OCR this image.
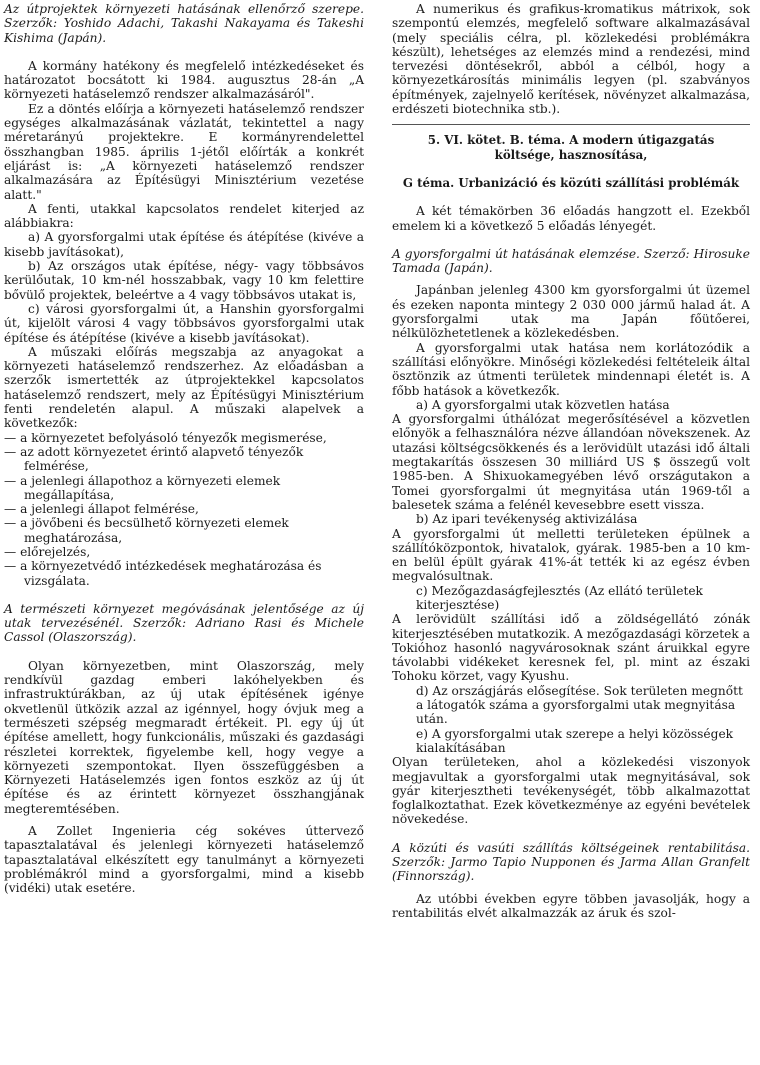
Az útprojektek környezeti hatásának ellenőrző szerepe. Szerzők: Yoshido Adachi, Takashi Nakayama és Takeshi Kishima (Japán).

A kormány hatékony és megfelelő intézkedéseket és határozatot bocsátott ki 1984. augusztus 28-án „A környezeti hatáselemző rendszer alkalmazásáról".

Ez a döntés előírja a környezeti hatáselemző rendszer egységes alkalmazásának vázlatát, tekintettel a nagy méretarányú projektekre. E kormányrendelettel összhangban 1985. április 1-jétől előírták a konkrét eljárást is: „A környezeti hatáselemző rendszer alkalmazására az Építésügyi Minisztérium vezetése alatt."

A fenti, utakkal kapcsolatos rendelet kiterjed az alábbiakra:

a) A gyorsforgalmi utak építése és átépítése (kivéve a kisebb javításokat),

b) Az országos utak építése, négy- vagy többsávos kerülőutak, 10 km-nél hosszabbak, vagy 10 km felettire bővülő projektek, beleértve a 4 vagy többsávos utakat is,

c) városi gyorsforgalmi út, a Hanshin gyorsforgalmi út, kijelölt városi 4 vagy többsávos gyorsforgalmi utak építése és átépítése (kivéve a kisebb javításokat).

A műszaki előírás megszabja az anyagokat a környezeti hatáselemző rendszerhez. Az előadásban a szerzők ismertették az útprojektekkel kapcsolatos hatáselemző rendszert, mely az Építésügyi Minisztérium fenti rendeletén alapul. A műszaki alapelvek a következők:

— a környezetet befolyásoló tényezők megismerése,
— az adott környezetet érintő alapvető tényezők felmérése,
— a jelenlegi állapothoz a környezeti elemek megállapítása,
— a jelenlegi állapot felmérése,
— a jövőbeni és becsülhető környezeti elemek meghatározása,
— előrejelzés,
— a környezetvédő intézkedések meghatározása és vizsgálata.

A természeti környezet megóvásának jelentősége az új utak tervezésénél. Szerzők: Adriano Rasi és Michele Cassol (Olaszország).

Olyan környezetben, mint Olaszország, mely rendkívül gazdag emberi lakóhelyekben és infrastruktúrákban, az új utak építésének igénye okvetlenül ütközik azzal az igénnyel, hogy óvjuk meg a természeti szépség megmaradt értékeit. Pl. egy új út építése amellett, hogy funkcionális, műszaki és gazdasági részletei korrektek, figyelembe kell, hogy vegye a környezeti szempontokat. Ilyen összefüggésben a Környezeti Hatáselemzés igen fontos eszköz az új út építése és az érintett környezet összhangjának megteremtésében.

A Zollet Ingenieria cég sokéves úttervező tapasztalatával és jelenlegi környezeti hatáselemző tapasztalatával elkészített egy tanulmányt a környezeti problémákról mind a gyorsforgalmi, mind a kisebb (vidéki) utak esetére.

A numerikus és grafikus-kromatikus mátrixok, sok szempontú elemzés, megfelelő software alkalmazásával (mely speciális célra, pl. közlekedési problémákra készült), lehetséges az elemzés mind a rendezési, mind tervezési döntésekről, abból a célból, hogy a környezetkárosítás minimális legyen (pl. szabványos építmények, zajelnyelő kerítések, növényzet alkalmazása, erdészeti biotechnika stb.).

5. VI. kötet. B. téma. A modern útigazgatás költsége, hasznosítása,

G téma. Urbanizáció és közúti szállítási problémák

A két témakörben 36 előadás hangzott el. Ezekből emelem ki a következő 5 előadás lényegét.

A gyorsforgalmi út hatásának elemzése. Szerző: Hirosuke Tamada (Japán).

Japánban jelenleg 4300 km gyorsforgalmi út üzemel és ezeken naponta mintegy 2 030 000 jármű halad át. A gyorsforgalmi utak ma Japán főütőerei, nélkülözhetetlenek a közlekedésben.

A gyorsforgalmi utak hatása nem korlátozódik a szállítási előnyökre. Minőségi közlekedési feltételeik által ösztönzik az útmenti területek mindennapi életét is. A főbb hatások a következők.

a) A gyorsforgalmi utak közvetlen hatása

A gyorsforgalmi úthálózat megerősítésével a közvetlen előnyök a felhasználóra nézve állandóan növekszenek. Az utazási költségcsökkenés és a lerövidült utazási idő általi megtakarítás összesen 30 milliárd US $ összegű volt 1985-ben. A Shixuokamegyében lévő országutakon a Tomei gyorsforgalmi út megnyitása után 1969-től a balesetek száma a felénél kevesebbre esett vissza.

b) Az ipari tevékenység aktivizálása

A gyorsforgalmi út melletti területeken épülnek a szállítóközpontok, hivatalok, gyárak. 1985-ben a 10 km-en belül épült gyárak 41%-át tették ki az egész évben megvalósultnak.

c) Mezőgazdaságfejlesztés (Az ellátó területek kiterjesztése)

A lerövidült szállítási idő a zöldségellátó zónák kiterjesztésében mutatkozik. A mezőgazdasági körzetek a Tokióhoz hasonló nagyvárosoknak szánt áruikkal egyre távolabbi vidékeket keresnek fel, pl. mint az északi Tohoku körzet, vagy Kyushu.

d) Az országjárás elősegítése. Sok területen megnőtt a látogatók száma a gyorsforgalmi utak megnyitása után.

e) A gyorsforgalmi utak szerepe a helyi közösségek kialakításában

Olyan területeken, ahol a közlekedési viszonyok megjavultak a gyorsforgalmi utak megnyitásával, sok gyár kiterjesztheti tevékenységét, több alkalmazottat foglalkoztathat. Ezek következménye az egyéni bevételek növekedése.

A közúti és vasúti szállítás költségeinek rentabilitása. Szerzők: Jarmo Tapio Nupponen és Jarma Allan Granfelt (Finnország).

Az utóbbi években egyre többen javasolják, hogy a rentabilitás elvét alkalmazzák az áruk és szol-
